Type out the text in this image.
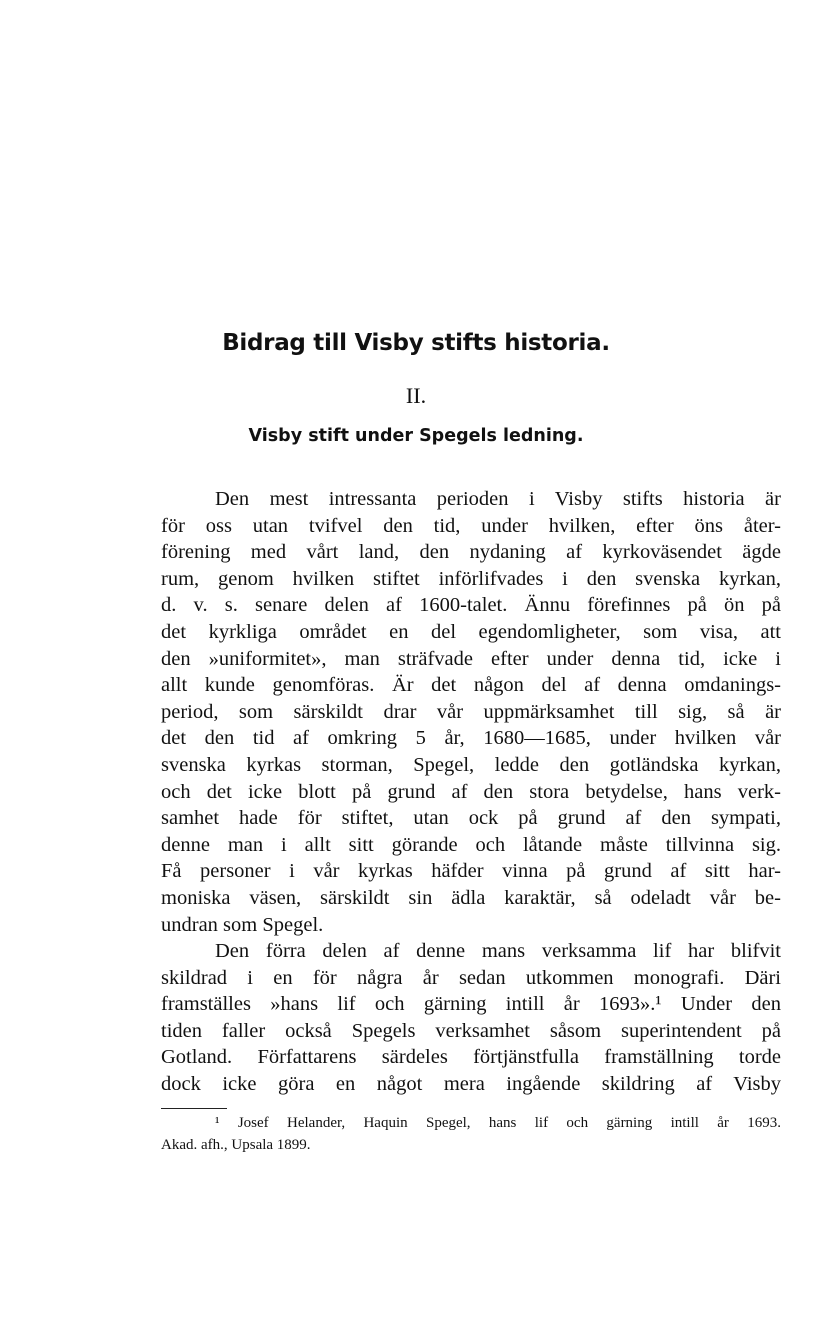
Bidrag till Visby stifts historia.
II.
Visby stift under Spegels ledning.
Den mest intressanta perioden i Visby stifts historia är
för oss utan tvifvel den tid, under hvilken, efter öns åter-
förening med vårt land, den nydaning af kyrkoväsendet ägde
rum, genom hvilken stiftet införlifvades i den svenska kyrkan,
d. v. s. senare delen af 1600-talet. Ännu förefinnes på ön på
det kyrkliga området en del egendomligheter, som visa, att
den »uniformitet», man sträfvade efter under denna tid, icke i
allt kunde genomföras. Är det någon del af denna omdanings-
period, som särskildt drar vår uppmärksamhet till sig, så är
det den tid af omkring 5 år, 1680—1685, under hvilken vår
svenska kyrkas storman, Spegel, ledde den gotländska kyrkan,
och det icke blott på grund af den stora betydelse, hans verk-
samhet hade för stiftet, utan ock på grund af den sympati,
denne man i allt sitt görande och låtande måste tillvinna sig.
Få personer i vår kyrkas häfder vinna på grund af sitt har-
moniska väsen, särskildt sin ädla karaktär, så odeladt vår be-
undran som Spegel.
Den förra delen af denne mans verksamma lif har blifvit
skildrad i en för några år sedan utkommen monografi. Däri
framställes »hans lif och gärning intill år 1693».¹ Under den
tiden faller också Spegels verksamhet såsom superintendent på
Gotland. Författarens särdeles förtjänstfulla framställning torde
dock icke göra en något mera ingående skildring af Visby
¹ Josef Helander, Haquin Spegel, hans lif och gärning intill år 1693.
Akad. afh., Upsala 1899.
